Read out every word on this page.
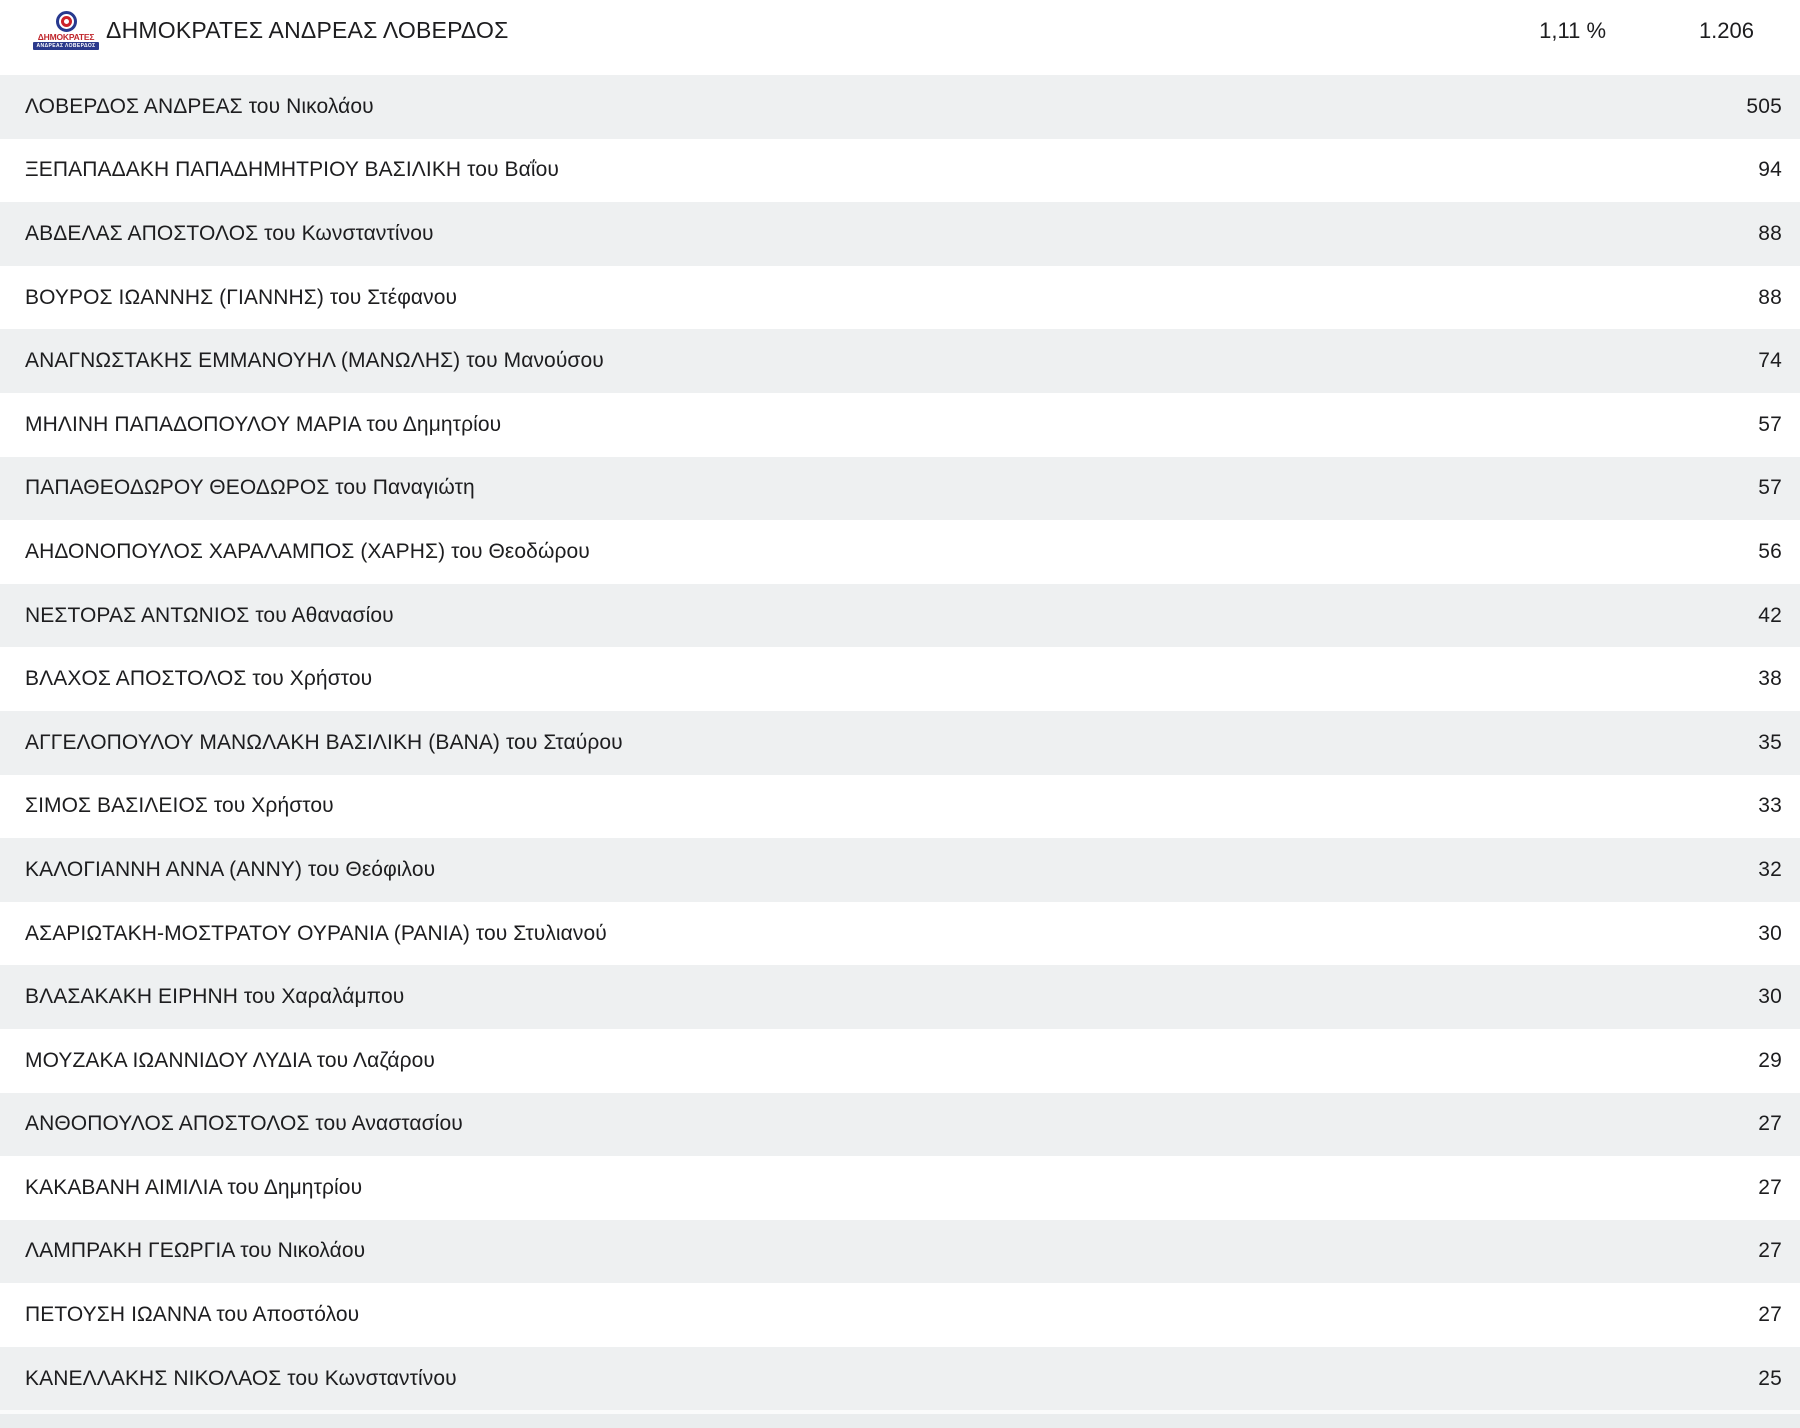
ΔΗΜΟΚΡΑΤΕΣ
ΑΝΔΡΕΑΣ ΛΟΒΕΡΔΟΣ
ΔΗΜΟΚΡΑΤΕΣ ΑΝΔΡΕΑΣ ΛΟΒΕΡΔΟΣ	1,11 %	1.206
ΛΟΒΕΡΔΟΣ ΑΝΔΡΕΑΣ του Νικολάου	505
ΞΕΠΑΠΑΔΑΚΗ ΠΑΠΑΔΗΜΗΤΡΙΟΥ ΒΑΣΙΛΙΚΗ του Βαΐου	94
ΑΒΔΕΛΑΣ ΑΠΟΣΤΟΛΟΣ του Κωνσταντίνου	88
ΒΟΥΡΟΣ ΙΩΑΝΝΗΣ (ΓΙΑΝΝΗΣ) του Στέφανου	88
ΑΝΑΓΝΩΣΤΑΚΗΣ ΕΜΜΑΝΟΥΗΛ (ΜΑΝΩΛΗΣ) του Μανούσου	74
ΜΗΛΙΝΗ ΠΑΠΑΔΟΠΟΥΛΟΥ ΜΑΡΙΑ του Δημητρίου	57
ΠΑΠΑΘΕΟΔΩΡΟΥ ΘΕΟΔΩΡΟΣ του Παναγιώτη	57
ΑΗΔΟΝΟΠΟΥΛΟΣ ΧΑΡΑΛΑΜΠΟΣ (ΧΑΡΗΣ) του Θεοδώρου	56
ΝΕΣΤΟΡΑΣ ΑΝΤΩΝΙΟΣ του Αθανασίου	42
ΒΛΑΧΟΣ ΑΠΟΣΤΟΛΟΣ του Χρήστου	38
ΑΓΓΕΛΟΠΟΥΛΟΥ ΜΑΝΩΛΑΚΗ ΒΑΣΙΛΙΚΗ (ΒΑΝΑ) του Σταύρου	35
ΣΙΜΟΣ ΒΑΣΙΛΕΙΟΣ του Χρήστου	33
ΚΑΛΟΓΙΑΝΝΗ ΑΝΝΑ (ΑΝΝΥ) του Θεόφιλου	32
ΑΣΑΡΙΩΤΑΚΗ-ΜΟΣΤΡΑΤΟΥ ΟΥΡΑΝΙΑ (ΡΑΝΙΑ) του Στυλιανού	30
ΒΛΑΣΑΚΑΚΗ ΕΙΡΗΝΗ του Χαραλάμπου	30
ΜΟΥΖΑΚΑ ΙΩΑΝΝΙΔΟΥ ΛΥΔΙΑ του Λαζάρου	29
ΑΝΘΟΠΟΥΛΟΣ ΑΠΟΣΤΟΛΟΣ του Αναστασίου	27
ΚΑΚΑΒΑΝΗ ΑΙΜΙΛΙΑ του Δημητρίου	27
ΛΑΜΠΡΑΚΗ ΓΕΩΡΓΙΑ του Νικολάου	27
ΠΕΤΟΥΣΗ ΙΩΑΝΝΑ του Αποστόλου	27
ΚΑΝΕΛΛΑΚΗΣ ΝΙΚΟΛΑΟΣ του Κωνσταντίνου	25
